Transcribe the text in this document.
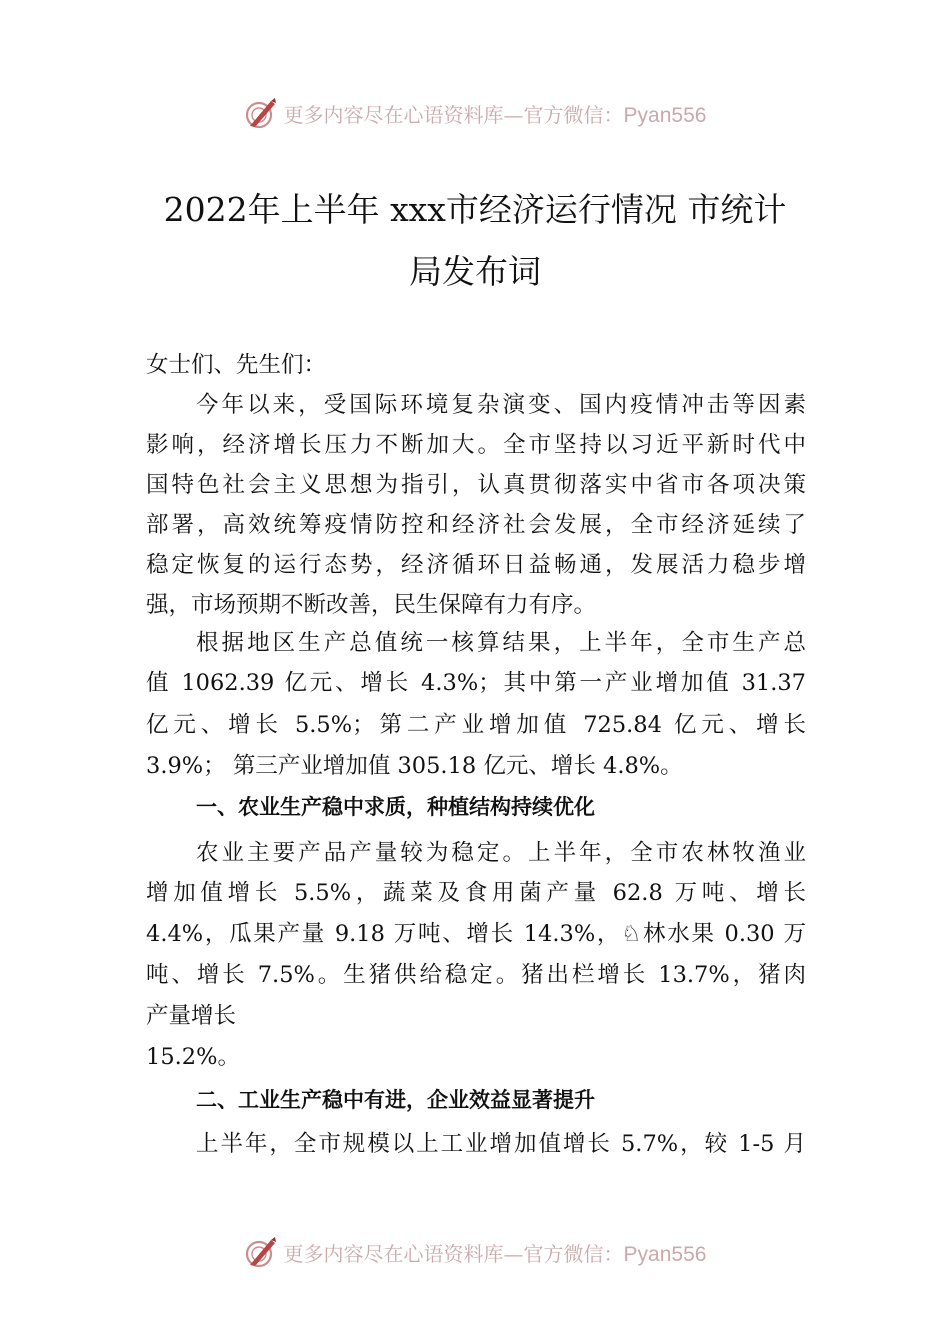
更多内容尽在心语资料库—官方微信：Pyan556
2022年上半年 xxx市经济运行情况 市统计
局发布词
女士们、先生们：
今年以来，受国际环境复杂演变、国内疫情冲击等因素
影响，经济增长压力不断加大。全市坚持以习近平新时代中
国特色社会主义思想为指引，认真贯彻落实中省市各项决策
部署，高效统筹疫情防控和经济社会发展，全市经济延续了
稳定恢复的运行态势，经济循环日益畅通，发展活力稳步增
强，市场预期不断改善，民生保障有力有序。
根据地区生产总值统一核算结果，上半年，全市生产总
值 1062.39 亿元、增长 4.3%；其中第一产业增加值 31.37
亿元、增长 5.5%；第二产业增加值 725.84 亿元、增长
3.9%； 第三产业增加值 305.18 亿元、增长 4.8%。
一、农业生产稳中求质，种植结构持续优化
农业主要产品产量较为稳定。上半年，全市农林牧渔业
增加值增长 5.5%，蔬菜及食用菌产量 62.8 万吨、增长
4.4%，瓜果产量 9.18 万吨、增长 14.3%，♘林水果 0.30 万
吨、增长 7.5%。生猪供给稳定。猪出栏增长 13.7%，猪肉
产量增长
15.2%。
二、工业生产稳中有进，企业效益显著提升
上半年，全市规模以上工业增加值增长 5.7%，较 1-5 月
更多内容尽在心语资料库—官方微信：Pyan556
